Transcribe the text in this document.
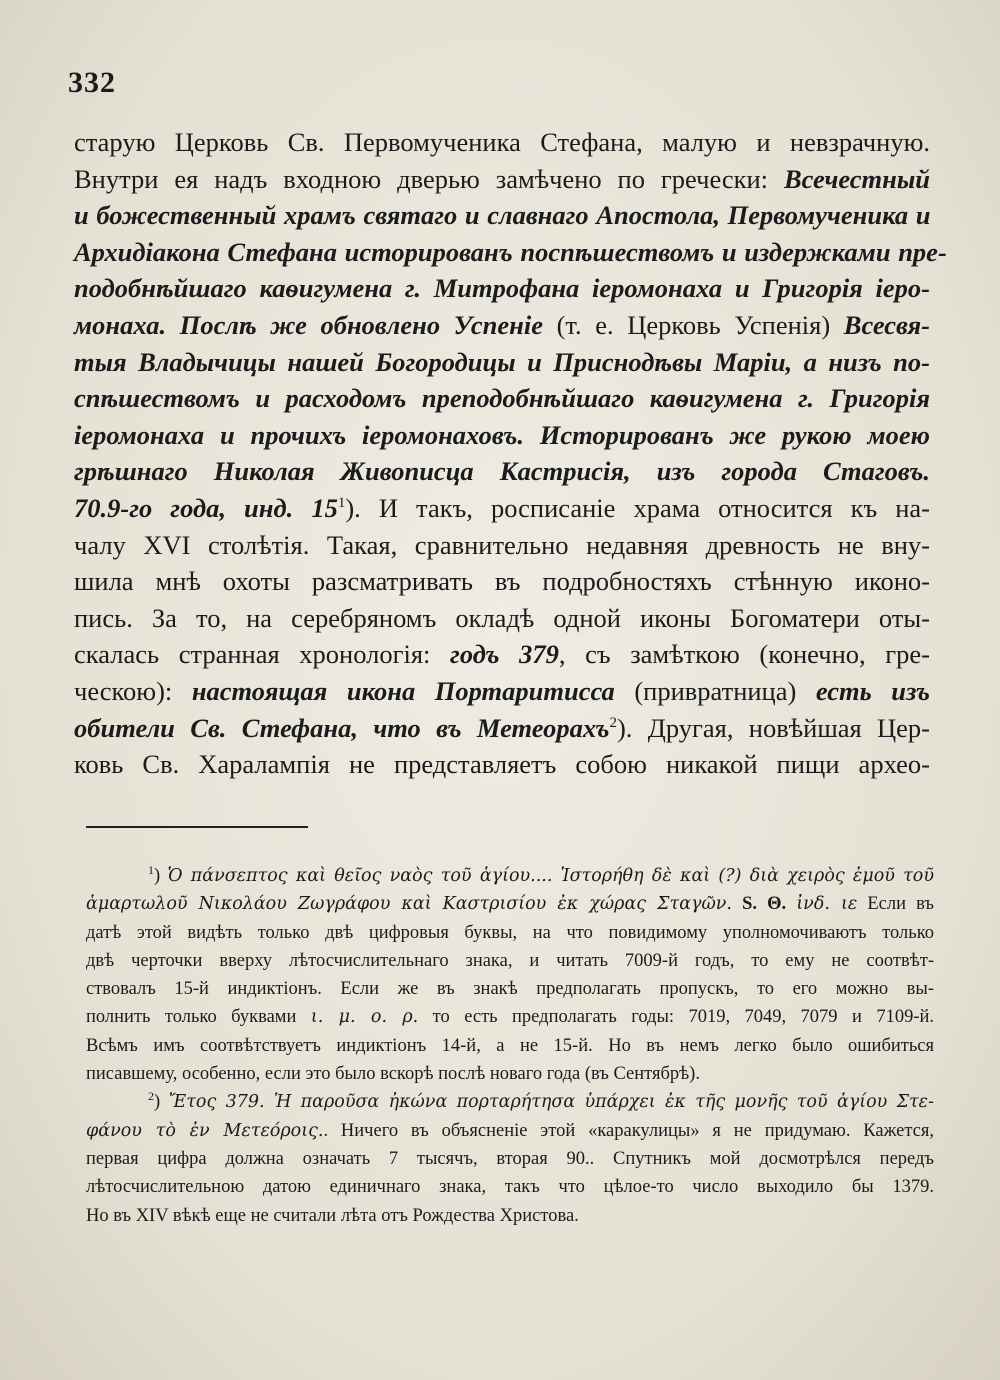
332
старую Церковь Св. Первомученика Стефана, малую и невзрачную.
Внутри ея надъ входною дверью замѣчено по гречески: Всечестный
и божественный храмъ святаго и славнаго Апостола, Первомученика и
Архидіакона Стефана исторированъ поспѣшествомъ и издержками пре-
подобнѣйшаго каѳигумена г. Митрофана іеромонаха и Григорія іеро-
монаха. Послѣ же обновлено Успеніе (т. е. Церковь Успенія) Всесвя-
тыя Владычицы нашей Богородицы и Приснодѣвы Маріи, а низъ по-
спѣшествомъ и расходомъ преподобнѣйшаго каѳигумена г. Григорія
іеромонаха и прочихъ іеромонаховъ. Исторированъ же рукою моею
грѣшнаго Николая Живописца Кастрисія, изъ города Стаговъ.
70.9-го года, инд. 15$^1$). И такъ, росписаніе храма относится къ на-
чалу XVI столѣтія. Такая, сравнительно недавняя древность не вну-
шила мнѣ охоты разсматривать въ подробностяхъ стѣнную иконо-
пись. За то, на серебряномъ окладѣ одной иконы Богоматери оты-
скалась странная хронологія: годъ 379, съ замѣткою (конечно, гре-
ческою): настоящая икона Портаритисса (привратница) есть изъ
обители Св. Стефана, что въ Метеорахъ$^2$). Другая, новѣйшая Цер-
ковь Св. Харалампія не представляетъ собою никакой пищи архео-
$^1$) Ὁ πάνσεπτος καὶ θεῖος ναὸς τοῦ ἁγίου.... Ἱστορήθη δὲ καὶ (?) διὰ χειρὸς ἐμοῦ τοῦ
ἁμαρτωλοῦ Νικολάου Ζωγράφου καὶ Καστρισίου ἐκ χώρας Σταγῶν. S. Θ. ἰνδ. ιε Если въ
датѣ этой видѣть только двѣ цифровыя буквы, на что повидимому уполномочиваютъ только
двѣ черточки вверху лѣтосчислительнаго знака, и читать 7009-й годъ, то ему не соотвѣт-
ствовалъ 15-й индиктіонъ. Если же въ знакѣ предполагать пропускъ, то его можно вы-
полнить только буквами ι. μ. ο. ρ. то есть предполагать годы: 7019, 7049, 7079 и 7109-й.
Всѣмъ имъ соотвѣтствуетъ индиктіонъ 14-й, а не 15-й. Но въ немъ легко было ошибиться
писавшему, особенно, если это было вскорѣ послѣ новаго года (въ Сентябрѣ).
$^2$) Ἔτος 379. Ἡ παροῦσα ἠκώνα πορταρήτησα ὑπάρχει ἐκ τῆς μονῆς τοῦ ἁγίου Στε-
φάνου τὸ ἐν Μετεόροις.. Ничего въ объясненіе этой «каракулицы» я не придумаю. Кажется,
первая цифра должна означать 7 тысячъ, вторая 90.. Спутникъ мой досмотрѣлся передъ
лѣтосчислительною датою единичнаго знака, такъ что цѣлое-то число выходило бы 1379.
Но въ XIV вѣкѣ еще не считали лѣта отъ Рождества Христова.
